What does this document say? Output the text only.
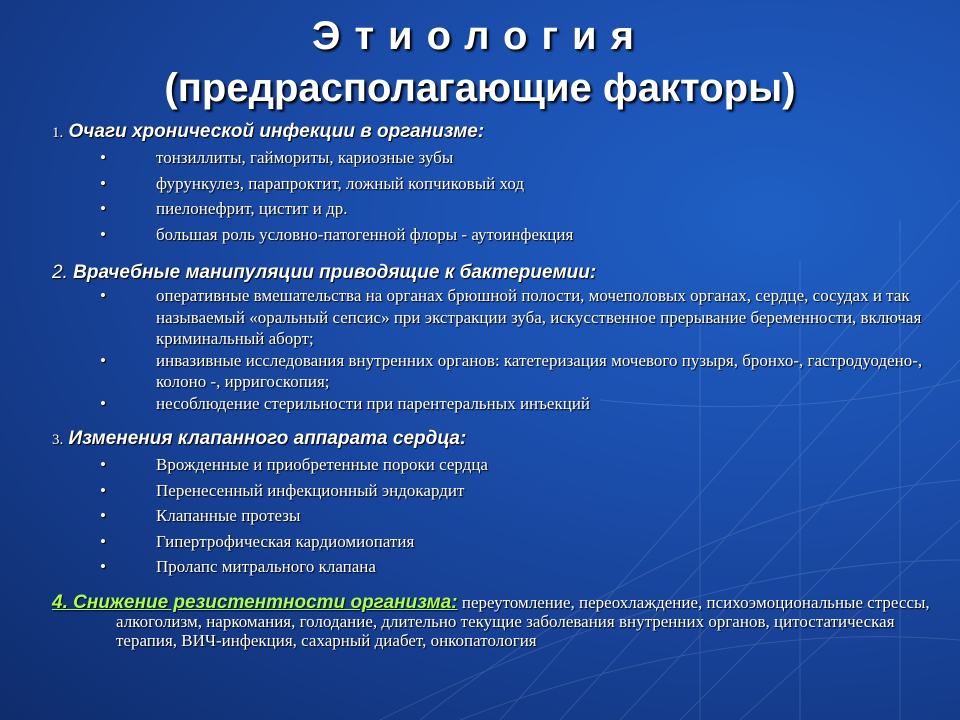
Этиология
(предрасполагающие факторы)
1. Очаги хронической инфекции в организме:
•	тонзиллиты, гаймориты, кариозные зубы
•	фурункулез, парапроктит, ложный копчиковый ход
•	пиелонефрит, цистит и др.
•	большая роль условно-патогенной флоры - аутоинфекция
2. Врачебные манипуляции приводящие к бактериемии:
•	оперативные вмешательства на органах брюшной полости, мочеполовых органах, сердце, сосудах и так называемый «оральный сепсис» при экстракции зуба, искусственное прерывание беременности, включая криминальный аборт;
•	инвазивные исследования внутренних органов: катетеризация мочевого пузыря, бронхо-, гастродуодено-, колоно -, ирригоскопия;
•	несоблюдение стерильности при парентеральных инъекций
3. Изменения клапанного аппарата сердца:
•	Врожденные и приобретенные пороки сердца
•	Перенесенный инфекционный эндокардит
•	Клапанные протезы
•	Гипертрофическая кардиомиопатия
•	Пролапс митрального клапана
4. Снижение резистентности организма: переутомление, переохлаждение, психоэмоциональные стрессы, алкоголизм, наркомания, голодание, длительно текущие заболевания внутренних органов, цитостатическая терапия, ВИЧ-инфекция, сахарный диабет, онкопатология
